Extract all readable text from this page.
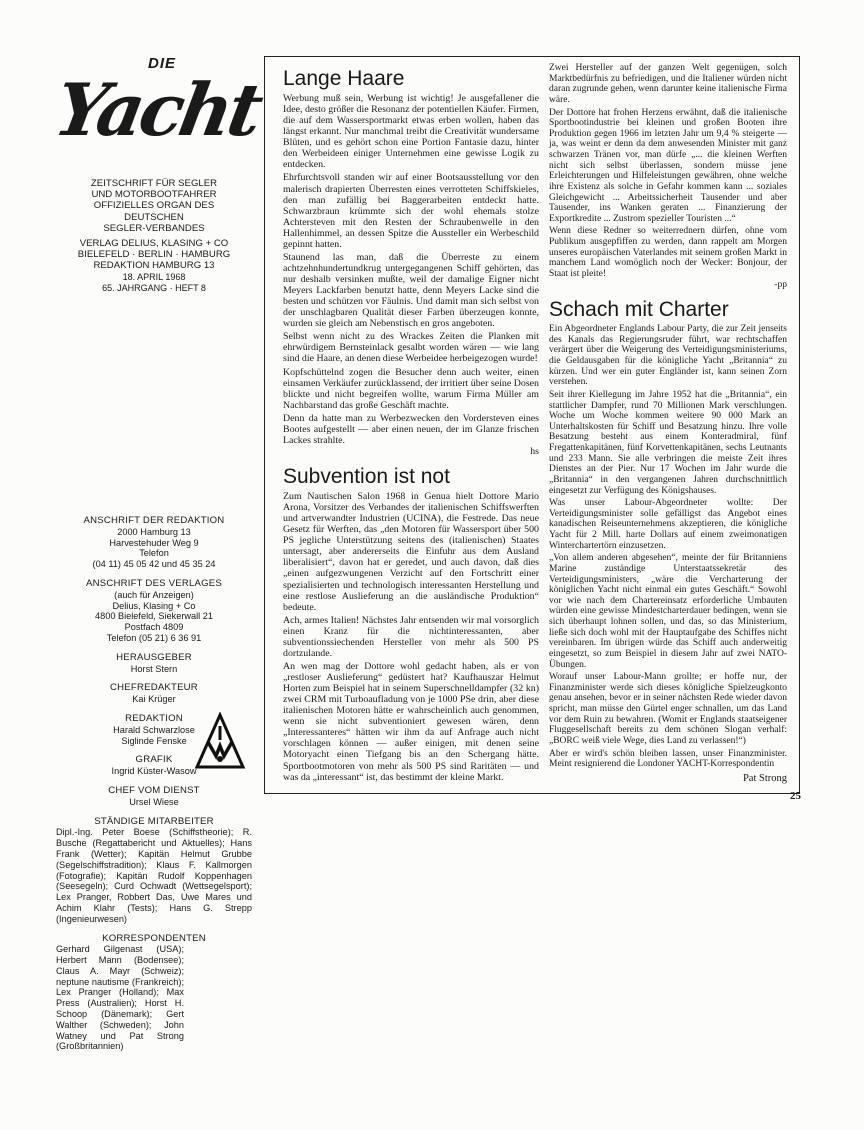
DIE
Yacht

ZEITSCHRIFT FÜR SEGLER

UND MOTORBOOTFAHRER

OFFIZIELLES ORGAN DES

DEUTSCHEN

SEGLER-VERBANDES

VERLAG DELIUS, KLASING + CO

BIELEFELD · BERLIN · HAMBURG

REDAKTION HAMBURG 13

18. APRIL 1968

65. JAHRGANG · HEFT 8

ANSCHRIFT DER REDAKTION

2000 Hamburg 13

Harvestehuder Weg 9

Telefon

(04 11) 45 05 42 und 45 35 24

ANSCHRIFT DES VERLAGES

(auch für Anzeigen)

Delius, Klasing + Co

4800 Bielefeld, Siekerwall 21

Postfach 4809

Telefon (05 21) 6 36 91

HERAUSGEBER

Horst Stern

CHEFREDAKTEUR

Kai Krüger

REDAKTION

Harald Schwarzlose

Siglinde Fenske

GRAFIK

Ingrid Küster-Wasow

CHEF VOM DIENST

Ursel Wiese

STÄNDIGE MITARBEITER

Dipl.-Ing. Peter Boese (Schiffstheorie); R. Busche (Regattabericht und Aktuelles); Hans Frank (Wetter); Kapitän Helmut Grubbe (Segelschiffstradition); Klaus F. Kallmorgen (Fotografie); Kapitän Rudolf Koppenhagen (Seesegeln); Curd Ochwadt (Wettsegelsport); Lex Pranger, Robbert Das, Uwe Mares und Achim Klahr (Tests); Hans G. Strepp (Ingenieurwesen)

KORRESPONDENTEN

Gerhard Gilgenast (USA); Herbert Mann (Bodensee); Claus A. Mayr (Schweiz); neptune nautisme (Frankreich); Lex Pranger (Holland); Max Press (Australien); Horst H. Schoop (Dänemark); Gert Walther (Schweden); John Watney und Pat Strong (Großbritannien)

Lange Haare

Werbung muß sein, Werbung ist wichtig! Je ausgefallener die Idee, desto größer die Resonanz der potentiellen Käufer. Firmen, die auf dem Wassersportmarkt etwas erben wollen, haben das längst erkannt. Nur manchmal treibt die Creativität wundersame Blüten, und es gehört schon eine Portion Fantasie dazu, hinter den Werbeideen einiger Unternehmen eine gewisse Logik zu entdecken.

Ehrfurchtsvoll standen wir auf einer Bootsausstellung vor den malerisch drapierten Überresten eines verrotteten Schiffskieles, den man zufällig bei Baggerarbeiten entdeckt hatte. Schwarzbraun krümmte sich der wohl ehemals stolze Achtersteven mit den Resten der Schraubenwelle in den Hallenhimmel, an dessen Spitze die Aussteller ein Werbeschild gepinnt hatten.

Staunend las man, daß die Überreste zu einem achtzehnhundertundkrug untergegangenen Schiff gehörten, das nur deshalb versinken mußte, weil der damalige Eigner nicht Meyers Lackfarben benutzt hatte, denn Meyers Lacke sind die besten und schützen vor Fäulnis. Und damit man sich selbst von der unschlagbaren Qualität dieser Farben überzeugen konnte, wurden sie gleich am Nebenstisch en gros angeboten.

Selbst wenn nicht zu des Wrackes Zeiten die Planken mit ehrwürdigem Bernsteinlack gesalbt worden wären — wie lang sind die Haare, an denen diese Werbeidee herbeigezogen wurde!

Kopfschüttelnd zogen die Besucher denn auch weiter, einen einsamen Verkäufer zurücklassend, der irritiert über seine Dosen blickte und nicht begreifen wollte, warum Firma Müller am Nachbarstand das große Geschäft machte.

Denn da hatte man zu Werbezwecken den Vordersteven eines Bootes aufgestellt — aber einen neuen, der im Glanze frischen Lackes strahlte.

hs
Subvention ist not

Zum Nautischen Salon 1968 in Genua hielt Dottore Mario Arona, Vorsitzer des Verbandes der italienischen Schiffswerften und artverwandter Industrien (UCINA), die Festrede. Das neue Gesetz für Werften, das „den Motoren für Wassersport über 500 PS jegliche Unterstützung seitens des (italienischen) Staates untersagt, aber andererseits die Einfuhr aus dem Ausland liberalisiert“, davon hat er geredet, und auch davon, daß dies „einen aufgezwungenen Verzicht auf den Fortschritt einer spezialisierten und technologisch interessanten Herstellung und eine restlose Auslieferung an die ausländische Produktion“ bedeute.

Ach, armes Italien! Nächstes Jahr entsenden wir mal vorsorglich einen Kranz für die nichtinteressanten, aber subventionssiechenden Hersteller von mehr als 500 PS dortzulande.

An wen mag der Dottore wohl gedacht haben, als er von „restloser Auslieferung“ gedüstert hat? Kaufhauszar Helmut Horten zum Beispiel hat in seinem Superschnelldampfer (32 kn) zwei CRM mit Turboaufladung von je 1000 PSe drin, aber diese italienischen Motoren hätte er wahrscheinlich auch genommen, wenn sie nicht subventioniert gewesen wären, denn „Interessanteres“ hätten wir ihm da auf Anfrage auch nicht vorschlagen können — außer einigen, mit denen seine Motoryacht einen Tiefgang bis an den Schergang hätte. Sportbootmotoren von mehr als 500 PS sind Raritäten — und was da „interessant“ ist, das bestimmt der kleine Markt.

Zwei Hersteller auf der ganzen Welt gegenügen, solch Marktbedürfnis zu befriedigen, und die Italiener würden nicht daran zugrunde gehen, wenn darunter keine italienische Firma wäre.

Der Dottore hat frohen Herzens erwähnt, daß die italienische Sportbootindustrie bei kleinen und großen Booten ihre Produktion gegen 1966 im letzten Jahr um 9,4 % steigerte — ja, was weint er denn da dem anwesenden Minister mit ganz schwarzen Tränen vor, man dürfe „... die kleinen Werften nicht sich selbst überlassen, sondern müsse jene Erleichterungen und Hilfeleistungen gewähren, ohne welche ihre Existenz als solche in Gefahr kommen kann ... soziales Gleichgewicht ... Arbeitssicherheit Tausender und aber Tausender, ins Wanken geraten ... Finanzierung der Exportkredite ... Zustrom spezieller Touristen ...“

Wenn diese Redner so weiterrednern dürfen, ohne vom Publikum ausgepfiffen zu werden, dann rappelt am Morgen unseres europäischen Vaterlandes mit seinem großen Markt in manchem Land womöglich noch der Wecker: Bonjour, der Staat ist pleite!

-pp
Schach mit Charter

Ein Abgeordneter Englands Labour Party, die zur Zeit jenseits des Kanals das Regierungsruder führt, war rechtschaffen verärgert über die Weigerung des Verteidigungsministeriums, die Geldausgaben für die königliche Yacht „Britannia“ zu kürzen. Und wer ein guter Engländer ist, kann seinen Zorn verstehen.

Seit ihrer Kiellegung im Jahre 1952 hat die „Britannia“, ein stattlicher Dampfer, rund 70 Millionen Mark verschlungen. Woche um Woche kommen weitere 90 000 Mark an Unterhaltskosten für Schiff und Besatzung hinzu. Ihre volle Besatzung besteht aus einem Konteradmiral, fünf Fregattenkapitänen, fünf Korvettenkapitänen, sechs Leutnants und 233 Mann. Sie alle verbringen die meiste Zeit ihres Dienstes an der Pier. Nur 17 Wochen im Jahr wurde die „Britannia“ in den vergangenen Jahren durchschnittlich eingesetzt zur Verfügung des Königshauses.

Was unser Labour-Abgeordneter wollte: Der Verteidigungsminister solle gefälligst das Angebot eines kanadischen Reiseunternehmens akzeptieren, die königliche Yacht für 2 Mill. harte Dollars auf einem zweimonatigen Winterchartertörn einzusetzen.

„Von allem anderen abgesehen“, meinte der für Britanniens Marine zuständige Unterstaatssekretär des Verteidigungsministers, „wäre die Vercharterung der königlichen Yacht nicht einmal ein gutes Geschäft.“ Sowohl vor wie nach dem Chartereinsatz erforderliche Umbauten würden eine gewisse Mindestcharterdauer bedingen, wenn sie sich überhaupt lohnen sollen, und das, so das Ministerium, ließe sich doch wohl mit der Hauptaufgabe des Schiffes nicht vereinbaren. Im übrigen würde das Schiff auch anderweitig eingesetzt, so zum Beispiel in diesem Jahr auf zwei NATO-Übungen.

Worauf unser Labour-Mann grollte; er hoffe nur, der Finanzminister werde sich dieses königliche Spielzeugkonto genau ansehen, bevor er in seiner nächsten Rede wieder davon spricht, man müsse den Gürtel enger schnallen, um das Land vor dem Ruin zu bewahren. (Womit er Englands staatseigener Fluggesellschaft bereits zu dem schönen Slogan verhalf: „BORC weiß viele Wege, dies Land zu verlassen!“)

Aber er wird's schön bleiben lassen, unser Finanzminister. Meint resignierend die Londoner YACHT-Korrespondentin

Pat Strong

25
